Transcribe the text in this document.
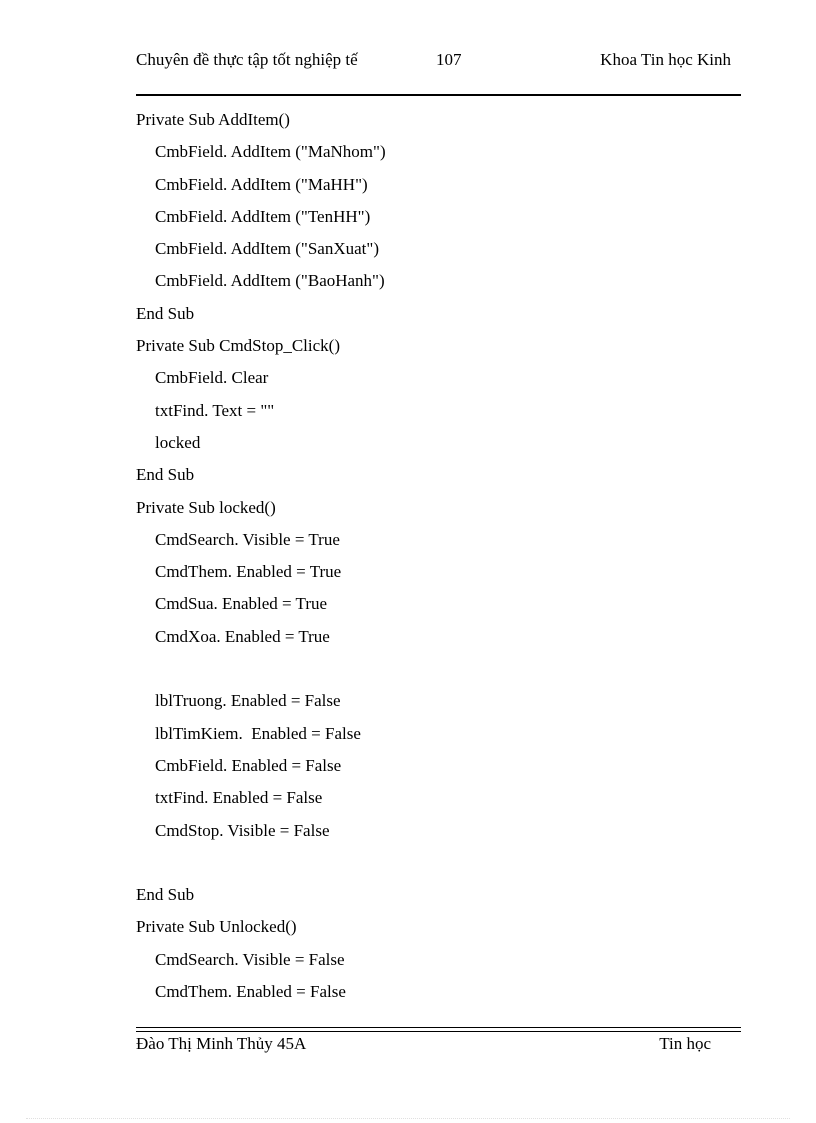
Chuyên đề thực tập tốt nghiệp tế	107	Khoa Tin học Kinh
Private Sub AddItem()
CmbField. AddItem ("MaNhom")
CmbField. AddItem ("MaHH")
CmbField. AddItem ("TenHH")
CmbField. AddItem ("SanXuat")
CmbField. AddItem ("BaoHanh")
End Sub
Private Sub CmdStop_Click()
CmbField. Clear
txtFind. Text = ""
locked
End Sub
Private Sub locked()
CmdSearch. Visible = True
CmdThem. Enabled = True
CmdSua. Enabled = True
CmdXoa. Enabled = True
lblTruong. Enabled = False
lblTimKiem.  Enabled = False
CmbField. Enabled = False
txtFind. Enabled = False
CmdStop. Visible = False
End Sub
Private Sub Unlocked()
CmdSearch. Visible = False
CmdThem. Enabled = False
Đào Thị Minh Thủy 45A	Tin học
